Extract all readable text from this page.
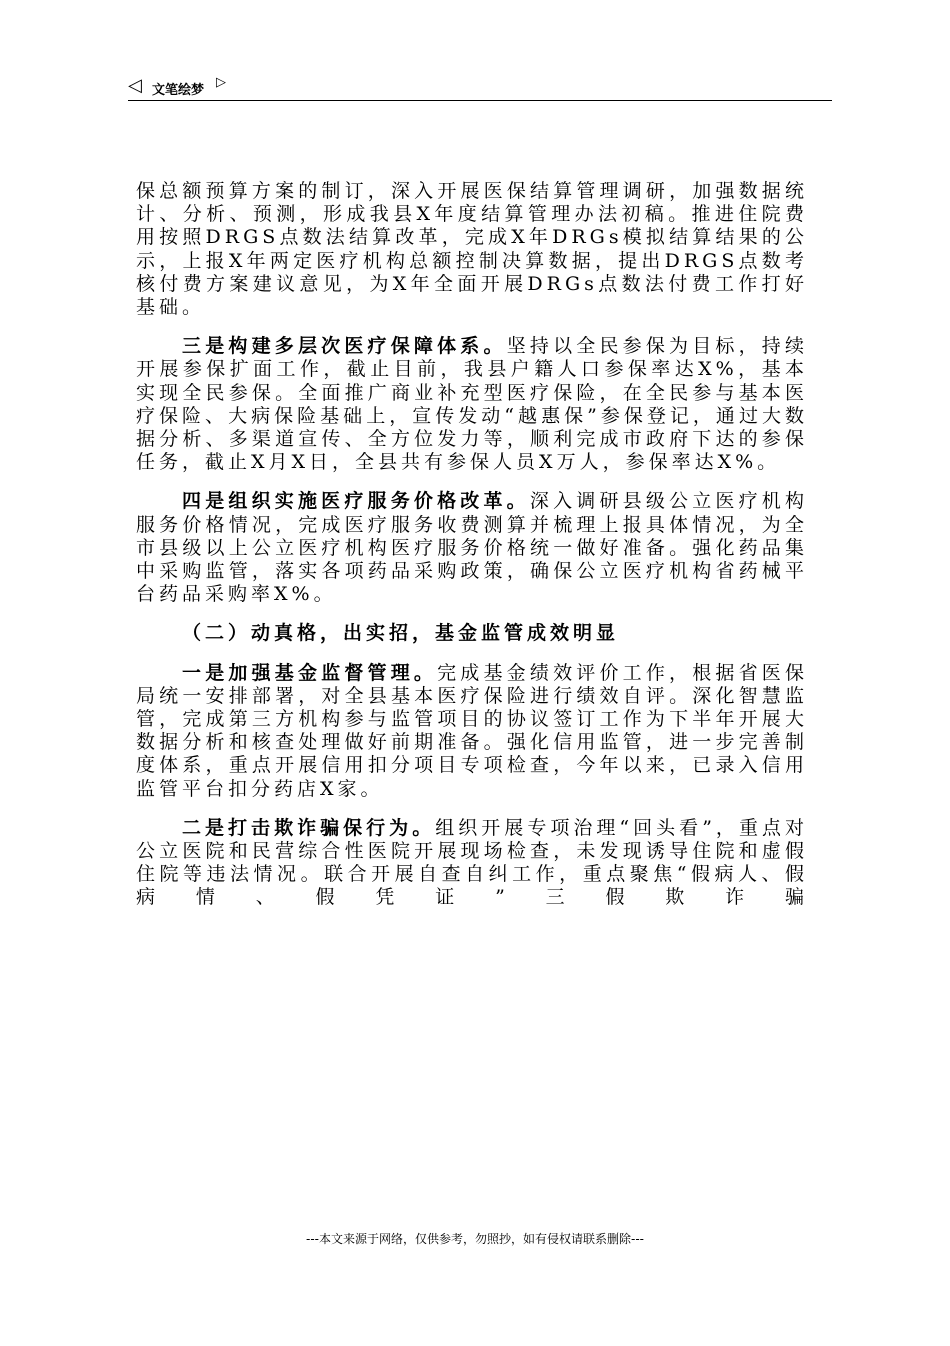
◁ 文笔绘梦
▷

保总额预算方案的制订，深入开展医保结算管理调研，加强数据统计、分析、预测，形成我县X年度结算管理办法初稿。推进住院费用按照DRGS点数法结算改革，完成X年DRGs模拟结算结果的公示，上报X年两定医疗机构总额控制决算数据，提出DRGS点数考核付费方案建议意见，为X年全面开展DRGs点数法付费工作打好基础。

三是构建多层次医疗保障体系。坚持以全民参保为目标，持续开展参保扩面工作，截止目前，我县户籍人口参保率达X%，基本实现全民参保。全面推广商业补充型医疗保险，在全民参与基本医疗保险、大病保险基础上，宣传发动“越惠保”参保登记，通过大数据分析、多渠道宣传、全方位发力等，顺利完成市政府下达的参保任务，截止X月X日，全县共有参保人员X万人，参保率达X%。

四是组织实施医疗服务价格改革。深入调研县级公立医疗机构服务价格情况，完成医疗服务收费测算并梳理上报具体情况，为全市县级以上公立医疗机构医疗服务价格统一做好准备。强化药品集中采购监管，落实各项药品采购政策，确保公立医疗机构省药械平台药品采购率X%。

（二）动真格，出实招，基金监管成效明显

一是加强基金监督管理。完成基金绩效评价工作，根据省医保局统一安排部署，对全县基本医疗保险进行绩效自评。深化智慧监管，完成第三方机构参与监管项目的协议签订工作为下半年开展大数据分析和核查处理做好前期准备。强化信用监管，进一步完善制度体系，重点开展信用扣分项目专项检查，今年以来，已录入信用监管平台扣分药店X家。

二是打击欺诈骗保行为。组织开展专项治理“回头看”，重点对公立医院和民营综合性医院开展现场检查，未发现诱导住院和虚假住院等违法情况。联合开展自查自纠工作，重点聚焦“假病人、假病情、假凭证”三假欺诈骗

---本文来源于网络，仅供参考，勿照抄，如有侵权请联系删除---
